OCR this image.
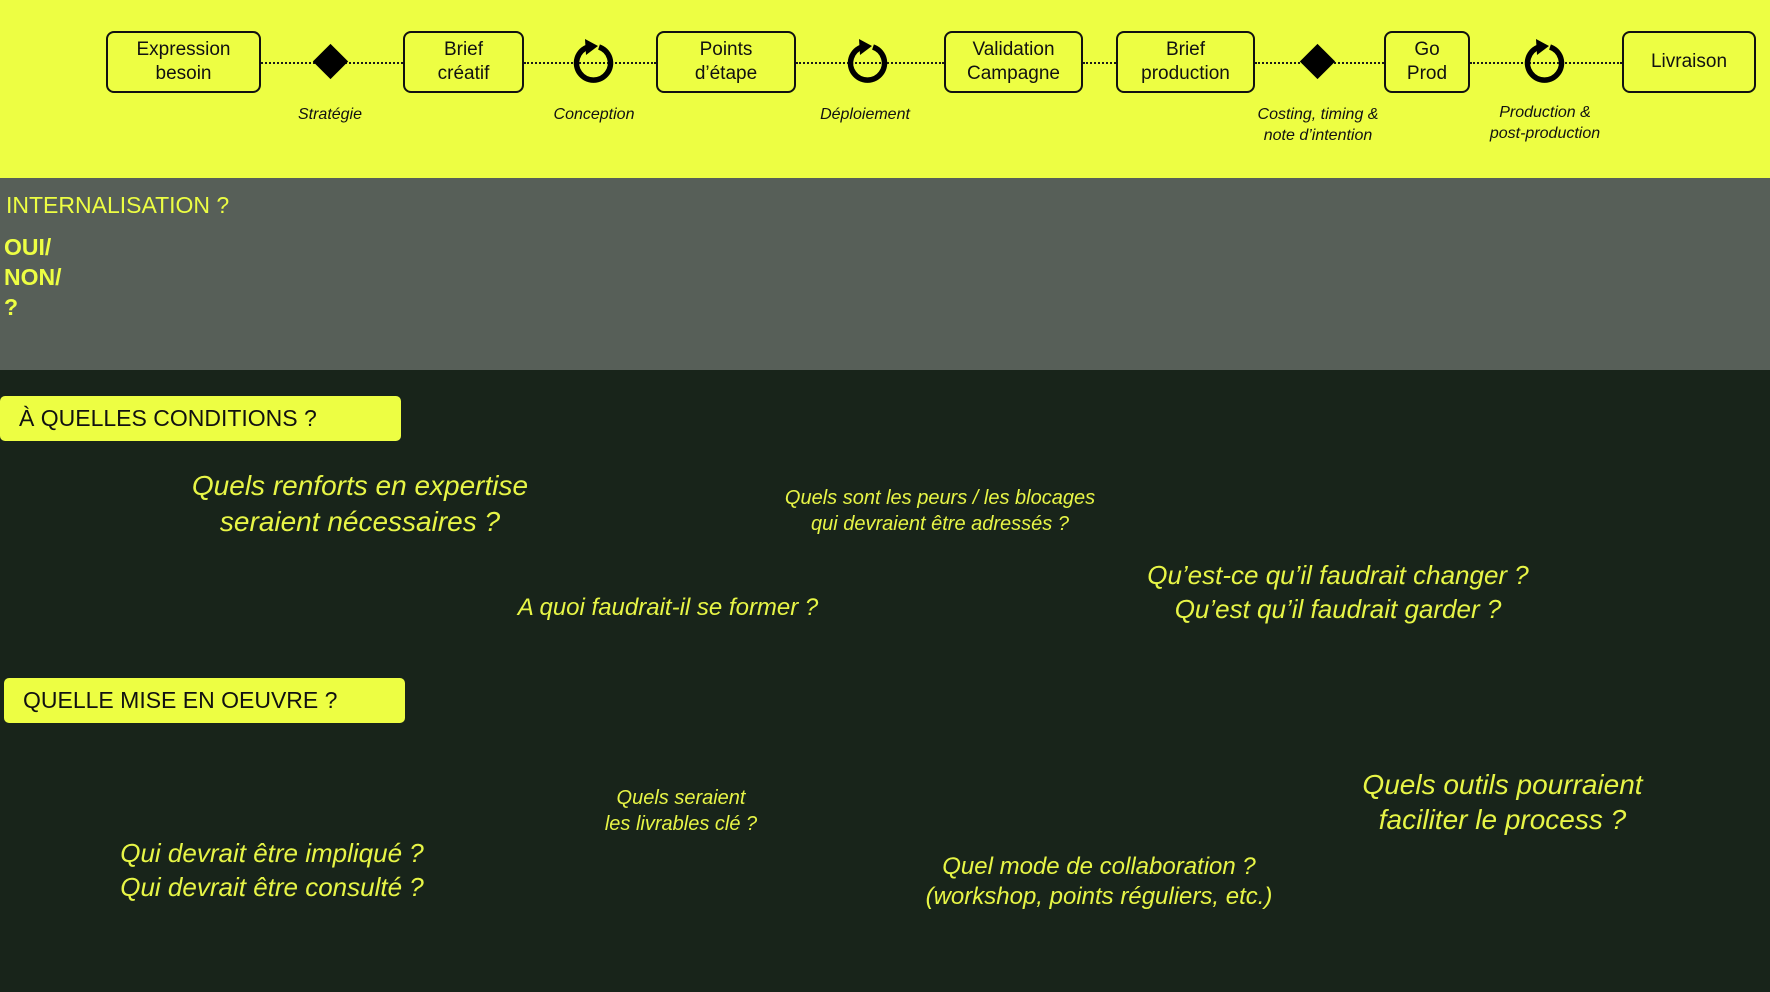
Expression
besoin
Brief
créatif
Points
d’étape
Validation
Campagne
Brief
production
Go
Prod
Livraison
Stratégie	Conception	Déploiement	Costing, timing &
note d’intention
Production &
post-production
INTERNALISATION ?
OUI/
NON/
?
À QUELLES CONDITIONS ?
Quels renforts en expertise
seraient nécessaires ?
Quels sont les peurs / les blocages
qui devraient être adressés ?
Qu’est-ce qu’il faudrait changer ?
Qu’est qu’il faudrait garder ?
A quoi faudrait-il se former ?
QUELLE MISE EN OEUVRE ?
Quels seraient
les livrables clé ?
Quels outils pourraient
faciliter le process ?
Qui devrait être impliqué ?
Qui devrait être consulté ?
Quel mode de collaboration ?
(workshop, points réguliers, etc.)
